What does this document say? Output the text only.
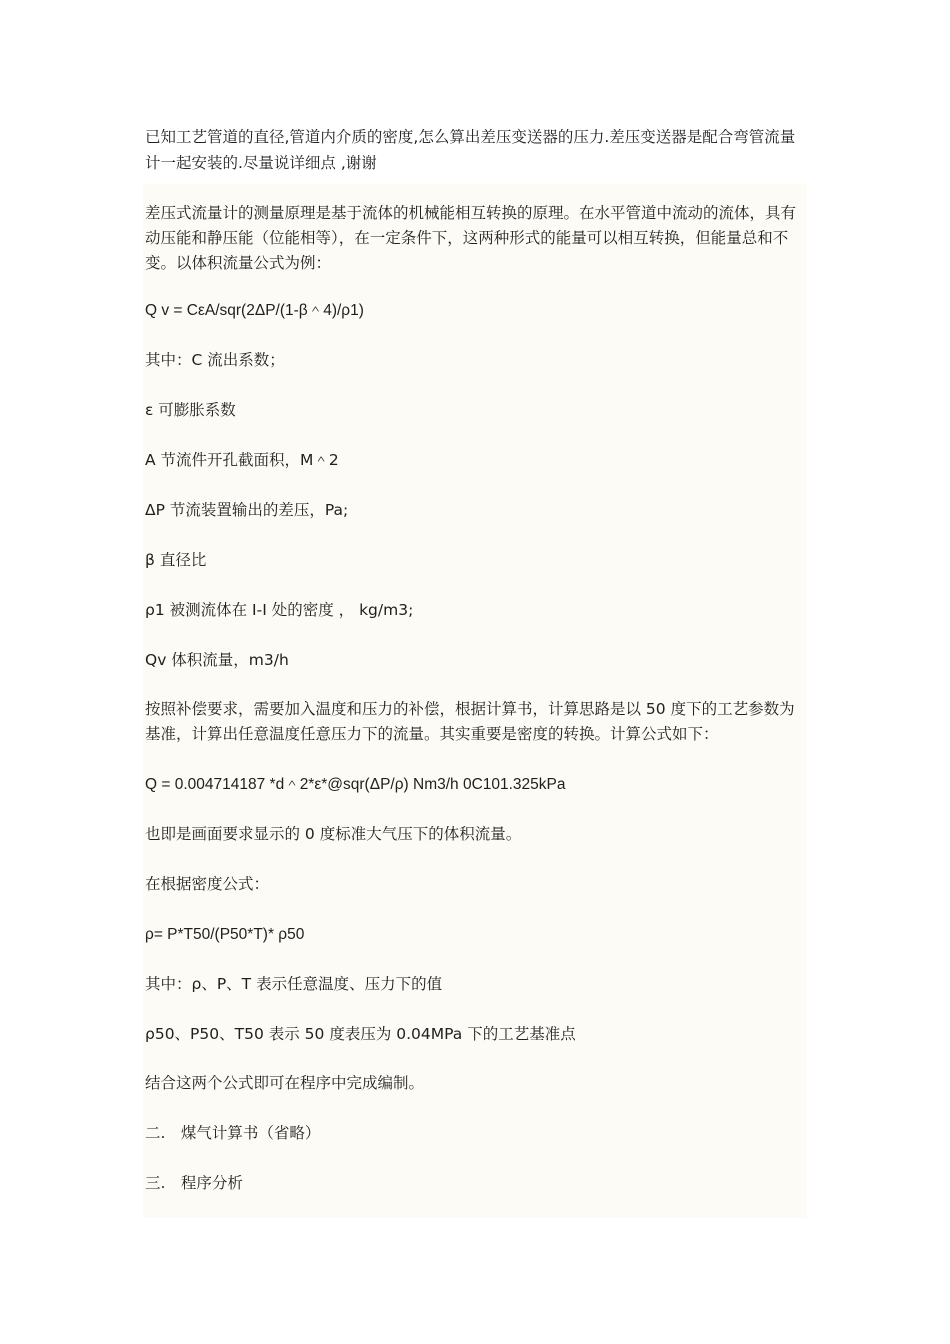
已知工艺管道的直径,管道内介质的密度,怎么算出差压变送器的压力.差压变送器是配合弯管流量计一起安装的.尽量说详细点 ,谢谢

差压式流量计的测量原理是基于流体的机械能相互转换的原理。在水平管道中流动的流体，具有动压能和静压能（位能相等），在一定条件下，这两种形式的能量可以相互转换，但能量总和不变。以体积流量公式为例：

Q v = CεA/sqr(2ΔP/(1-β＾4)/ρ1)

其中：C 流出系数；

ε 可膨胀系数

A 节流件开孔截面积，M＾2

ΔP 节流装置输出的差压，Pa;

β 直径比

ρ1 被测流体在 I-I 处的密度 ， kg/m3;

Qv 体积流量，m3/h

按照补偿要求，需要加入温度和压力的补偿，根据计算书，计算思路是以 50 度下的工艺参数为基准，计算出任意温度任意压力下的流量。其实重要是密度的转换。计算公式如下：

Q = 0.004714187 *d＾2*ε*@sqr(ΔP/ρ) Nm3/h 0C101.325kPa

也即是画面要求显示的 0 度标准大气压下的体积流量。

在根据密度公式：

ρ= P*T50/(P50*T)* ρ50

其中：ρ、P、T 表示任意温度、压力下的值

ρ50、P50、T50 表示 50 度表压为 0.04MPa 下的工艺基准点

结合这两个公式即可在程序中完成编制。

二.　煤气计算书（省略）

三.　程序分析
